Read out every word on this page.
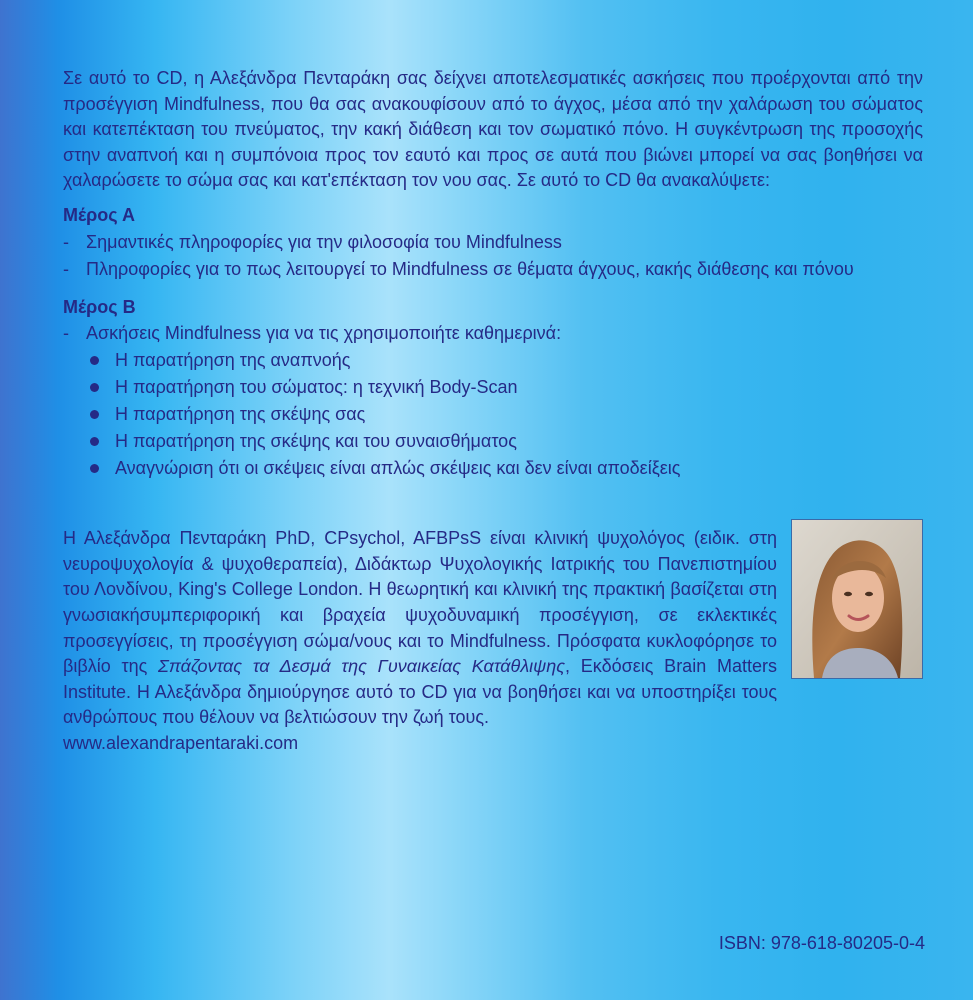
Σε αυτό το CD, η Αλεξάνδρα Πενταράκη σας δείχνει αποτελεσματικές ασκήσεις που προέρχονται από την προσέγγιση Mindfulness, που θα σας ανακουφίσουν από το άγχος, μέσα από την χαλάρωση του σώματος και κατεπέκταση του πνεύματος, την κακή διάθεση και τον σωματικό πόνο. Η συγκέντρωση της προσοχής στην αναπνοή και η συμπόνοια προς τον εαυτό και προς σε αυτά που βιώνει μπορεί να σας βοηθήσει να χαλαρώσετε το σώμα σας και κατ'επέκταση τον νου σας. Σε αυτό το CD θα ανακαλύψετε:

Μέρος Α
- Σημαντικές πληροφορίες για την φιλοσοφία του Mindfulness
- Πληροφορίες για το πως λειτουργεί το Mindfulness σε θέματα άγχους, κακής διάθεσης και πόνου
Μέρος Β
- Ασκήσεις Mindfulness για να τις χρησιμοποιήτε καθημερινά:
Η παρατήρηση της αναπνοής
Η παρατήρηση του σώματος: η τεχνική Body-Scan
Η παρατήρηση της σκέψης σας
Η παρατήρηση της σκέψης και του συναισθήματος
Αναγνώριση ότι οι σκέψεις είναι απλώς σκέψεις και δεν είναι αποδείξεις

Η Αλεξάνδρα Πενταράκη PhD, CPsychol, AFBPsS είναι κλινική ψυχολόγος (ειδικ. στη νευροψυχολογία & ψυχοθεραπεία), Διδάκτωρ Ψυχολογικής Ιατρικής του Πανεπιστημίου του Λονδίνου, King's College London. Η θεωρητική και κλινική της πρακτική βασίζεται στη γνωσιακήσυμπεριφορική και βραχεία ψυχοδυναμική προσέγγιση, σε εκλεκτικές προσεγγίσεις, τη προσέγγιση σώμα/νους και το Mindfulness. Πρόσφατα κυκλοφόρησε το βιβλίο της Σπάζοντας τα Δεσμά της Γυναικείας Κατάθλιψης, Εκδόσεις Brain Matters Institute. Η Αλεξάνδρα δημιούργησε αυτό το CD για να βοηθήσει και να υποστηρίξει τους ανθρώπους που θέλουν να βελτιώσουν την ζωή τους.
www.alexandrapentaraki.com

ISBN: 978-618-80205-0-4
